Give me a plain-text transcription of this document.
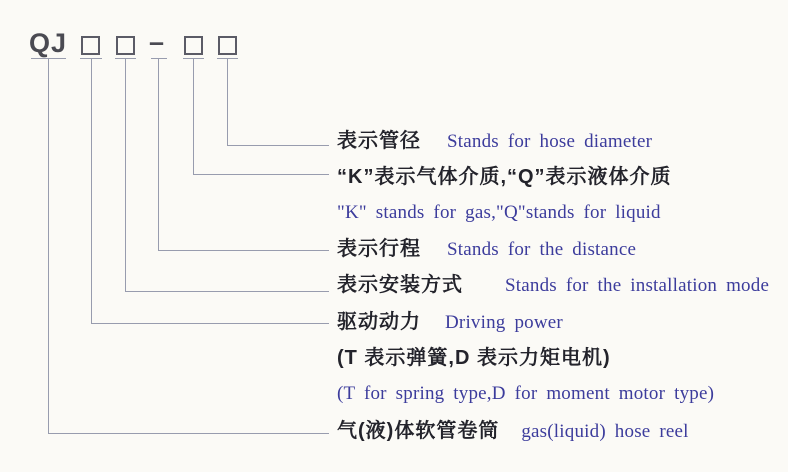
QJ	–
表示管径 Stands for hose diameter
“K”表示气体介质,“Q”表示液体介质
"K" stands for gas,"Q"stands for liquid
表示行程 Stands for the distance
表示安装方式 Stands for the installation mode
驱动动力 Driving power
(T 表示弹簧,D 表示力矩电机)
(T for spring type,D for moment motor type)
气(液)体软管卷筒 gas(liquid) hose reel
